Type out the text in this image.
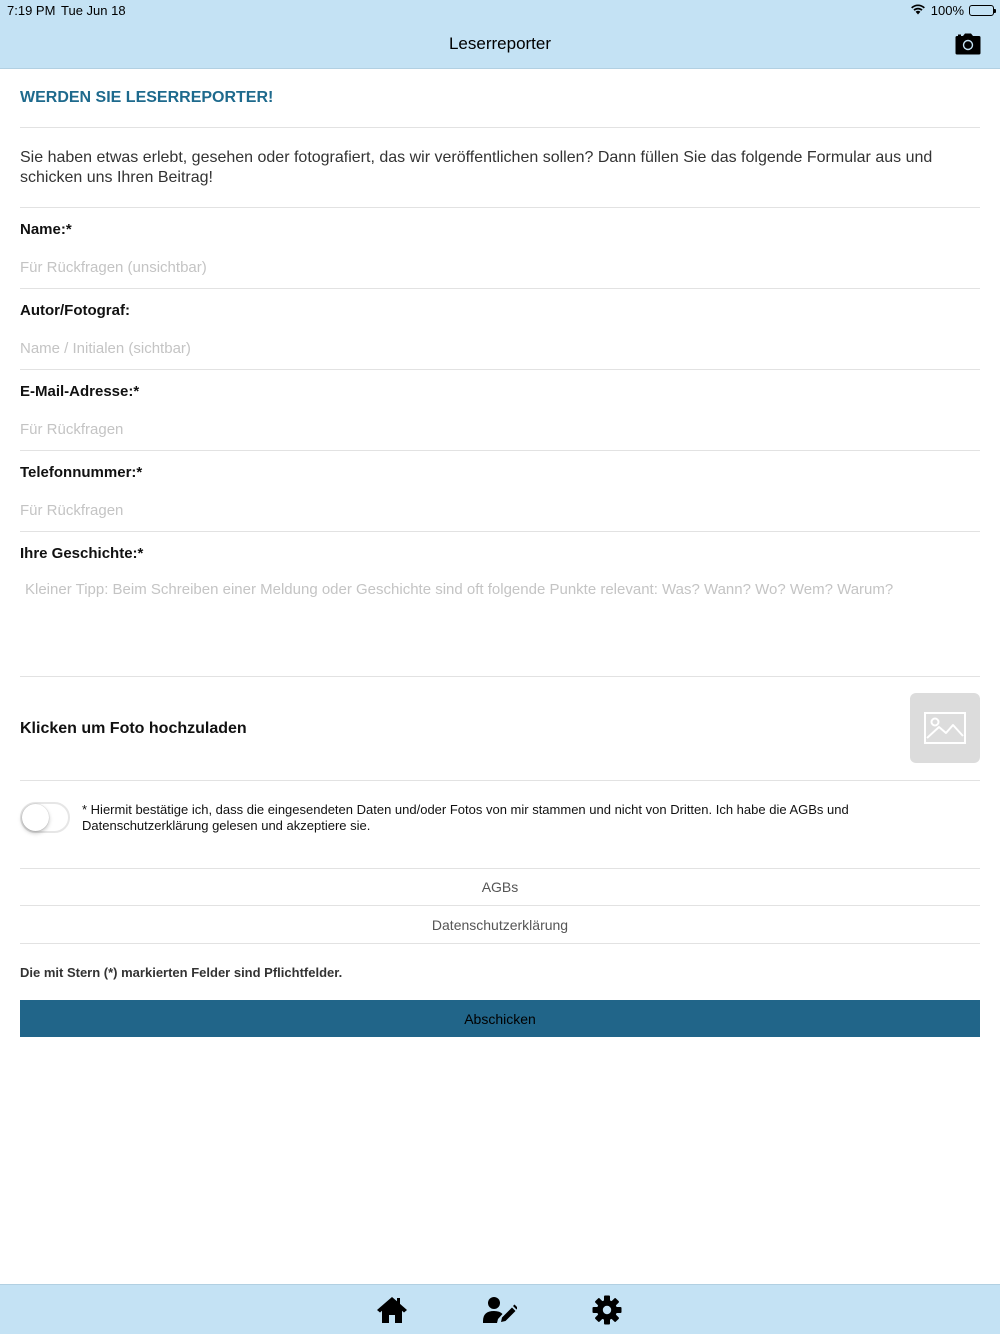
7:19 PM Tue Jun 18	100%
Leserreporter
WERDEN SIE LESERREPORTER!
Sie haben etwas erlebt, gesehen oder fotografiert, das wir veröffentlichen sollen? Dann füllen Sie das folgende Formular aus und schicken uns Ihren Beitrag!
Name:*
Für Rückfragen (unsichtbar)
Autor/Fotograf:
Name / Initialen (sichtbar)
E-Mail-Adresse:*
Für Rückfragen
Telefonnummer:*
Für Rückfragen
Ihre Geschichte:*
Kleiner Tipp: Beim Schreiben einer Meldung oder Geschichte sind oft folgende Punkte relevant: Was? Wann? Wo? Wem? Warum?
Klicken um Foto hochzuladen
* Hiermit bestätige ich, dass die eingesendeten Daten und/oder Fotos von mir stammen und nicht von Dritten. Ich habe die AGBs und Datenschutzerklärung gelesen und akzeptiere sie.
AGBs
Datenschutzerklärung
Die mit Stern (*) markierten Felder sind Pflichtfelder.
Abschicken
